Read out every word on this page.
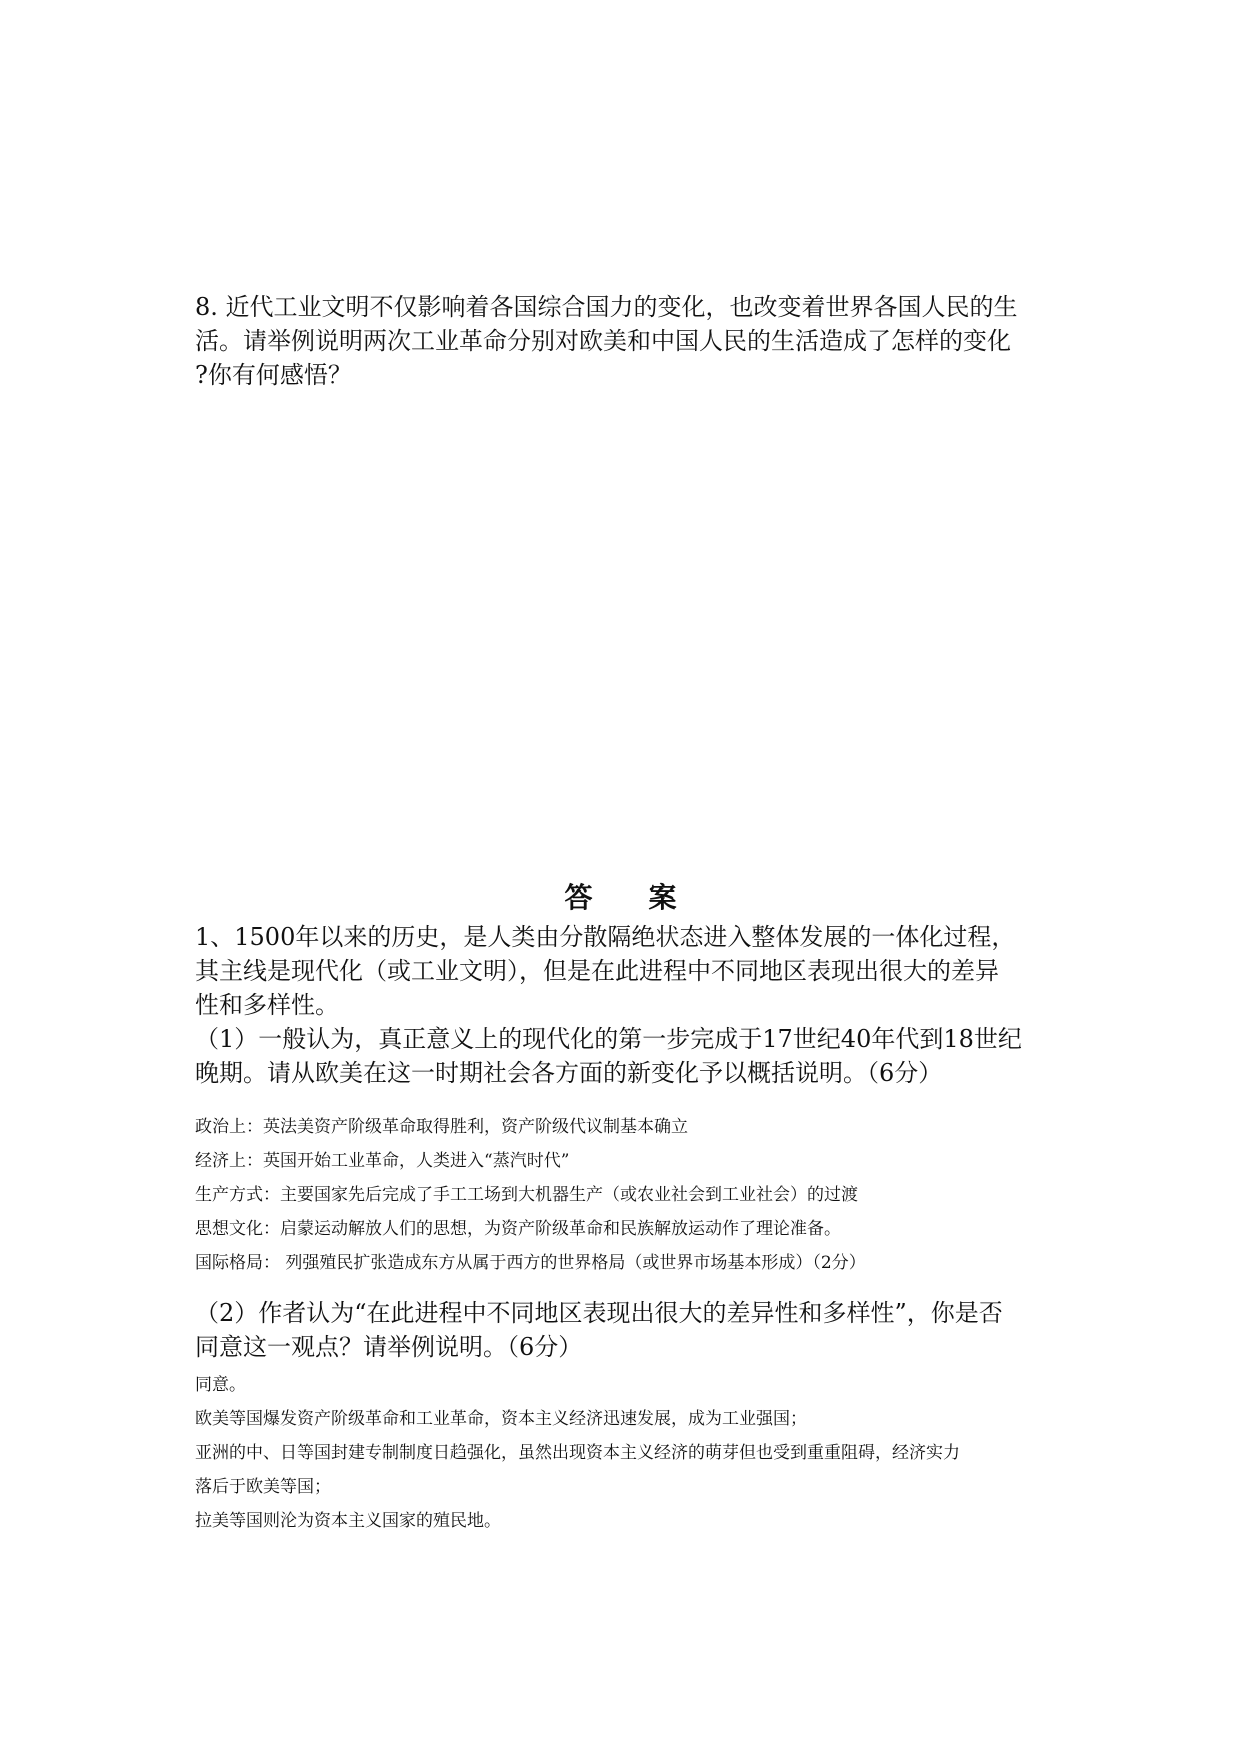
8. 近代工业文明不仅影响着各国综合国力的变化，也改变着世界各国人民的生

活。请举例说明两次工业革命分别对欧美和中国人民的生活造成了怎样的变化

?你有何感悟？

答案

1、1500年以来的历史，是人类由分散隔绝状态进入整体发展的一体化过程，

其主线是现代化（或工业文明），但是在此进程中不同地区表现出很大的差异

性和多样性。

（1）一般认为，真正意义上的现代化的第一步完成于17世纪40年代到18世纪

晚期。请从欧美在这一时期社会各方面的新变化予以概括说明。（6分）

政治上：英法美资产阶级革命取得胜利，资产阶级代议制基本确立

经济上：英国开始工业革命，人类进入“蒸汽时代”

生产方式：主要国家先后完成了手工工场到大机器生产（或农业社会到工业社会）的过渡

思想文化：启蒙运动解放人们的思想，为资产阶级革命和民族解放运动作了理论准备。

国际格局： 列强殖民扩张造成东方从属于西方的世界格局（或世界市场基本形成）（2分）

（2）作者认为“在此进程中不同地区表现出很大的差异性和多样性”，你是否

同意这一观点？请举例说明。（6分）

同意。

欧美等国爆发资产阶级革命和工业革命，资本主义经济迅速发展，成为工业强国；

亚洲的中、日等国封建专制制度日趋强化，虽然出现资本主义经济的萌芽但也受到重重阻碍，经济实力

落后于欧美等国；

拉美等国则沦为资本主义国家的殖民地。
